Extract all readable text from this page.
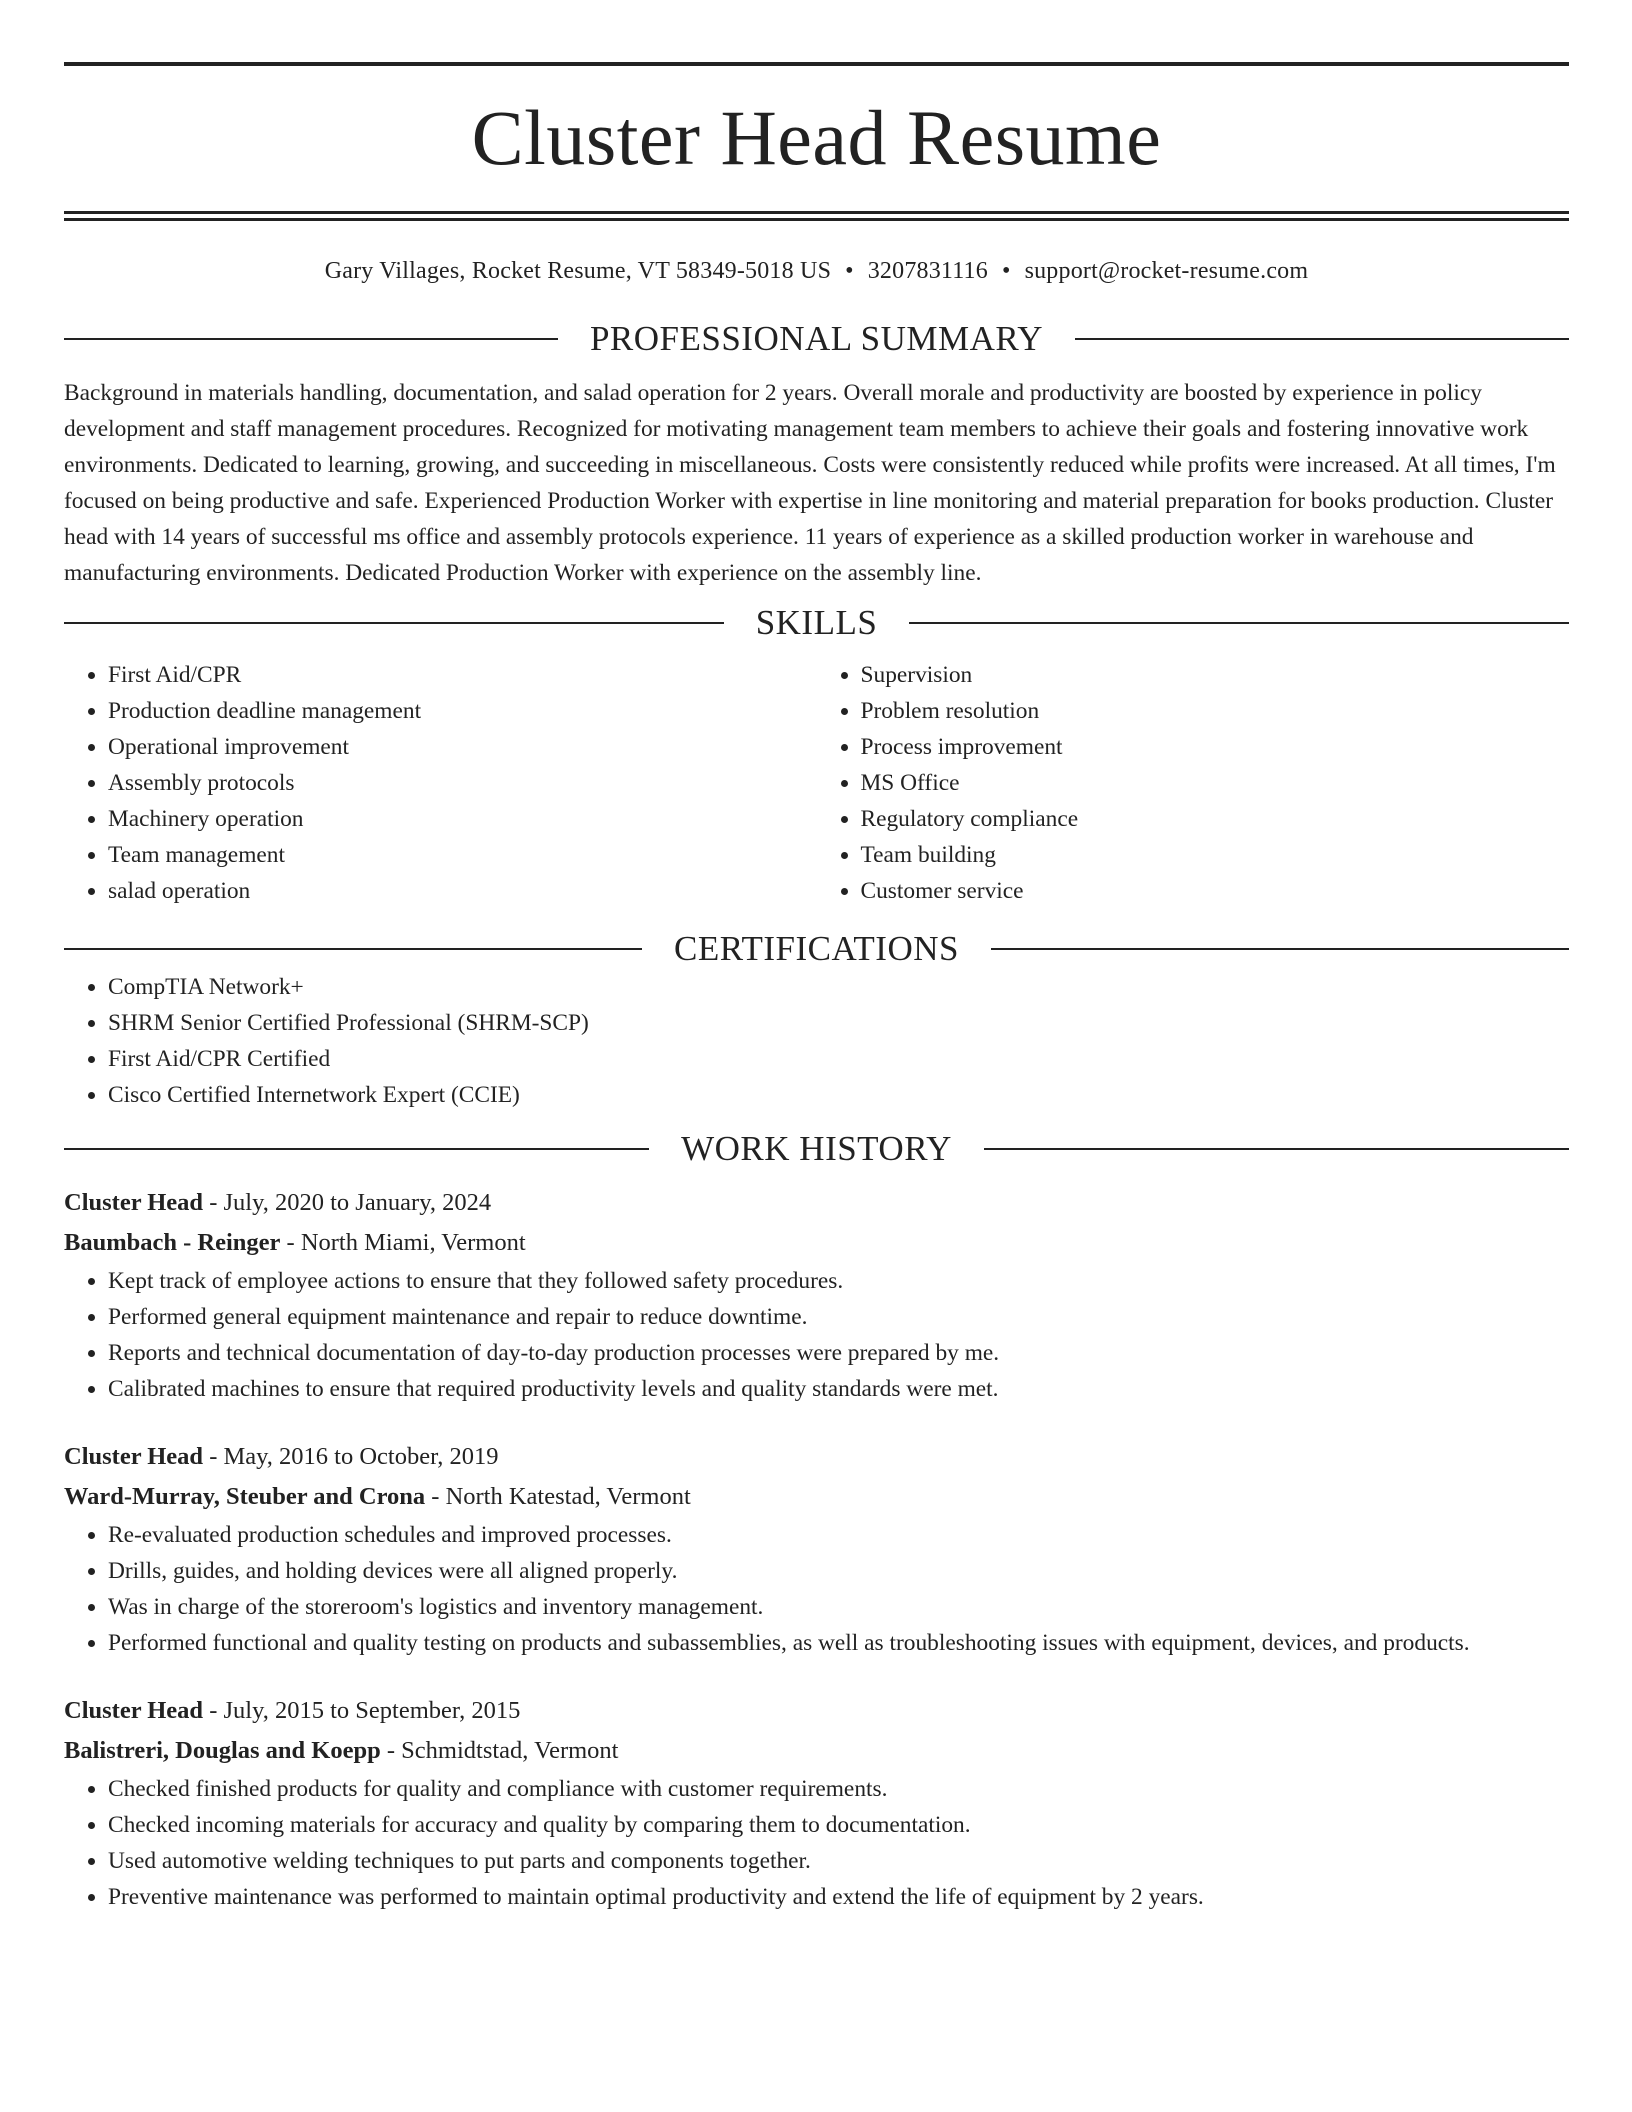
Cluster Head Resume
Gary Villages, Rocket Resume, VT 58349-5018 US • 3207831116 • support@rocket-resume.com
PROFESSIONAL SUMMARY

Background in materials handling, documentation, and salad operation for 2 years. Overall morale and productivity are boosted by experience in policy development and staff management procedures. Recognized for motivating management team members to achieve their goals and fostering innovative work environments. Dedicated to learning, growing, and succeeding in miscellaneous. Costs were consistently reduced while profits were increased. At all times, I'm focused on being productive and safe. Experienced Production Worker with expertise in line monitoring and material preparation for books production. Cluster head with 14 years of successful ms office and assembly protocols experience. 11 years of experience as a skilled production worker in warehouse and manufacturing environments. Dedicated Production Worker with experience on the assembly line.

SKILLS
• First Aid/CPR
• Production deadline management
• Operational improvement
• Assembly protocols
• Machinery operation
• Team management
• salad operation
• Supervision
• Problem resolution
• Process improvement
• MS Office
• Regulatory compliance
• Team building
• Customer service
CERTIFICATIONS
• CompTIA Network+
• SHRM Senior Certified Professional (SHRM-SCP)
• First Aid/CPR Certified
• Cisco Certified Internetwork Expert (CCIE)
WORK HISTORY
Cluster Head - July, 2020 to January, 2024
Baumbach - Reinger - North Miami, Vermont
• Kept track of employee actions to ensure that they followed safety procedures.
• Performed general equipment maintenance and repair to reduce downtime.
• Reports and technical documentation of day-to-day production processes were prepared by me.
• Calibrated machines to ensure that required productivity levels and quality standards were met.
Cluster Head - May, 2016 to October, 2019
Ward-Murray, Steuber and Crona - North Katestad, Vermont
• Re-evaluated production schedules and improved processes.
• Drills, guides, and holding devices were all aligned properly.
• Was in charge of the storeroom's logistics and inventory management.
• Performed functional and quality testing on products and subassemblies, as well as troubleshooting issues with equipment, devices, and products.
Cluster Head - July, 2015 to September, 2015
Balistreri, Douglas and Koepp - Schmidtstad, Vermont
• Checked finished products for quality and compliance with customer requirements.
• Checked incoming materials for accuracy and quality by comparing them to documentation.
• Used automotive welding techniques to put parts and components together.
• Preventive maintenance was performed to maintain optimal productivity and extend the life of equipment by 2 years.
